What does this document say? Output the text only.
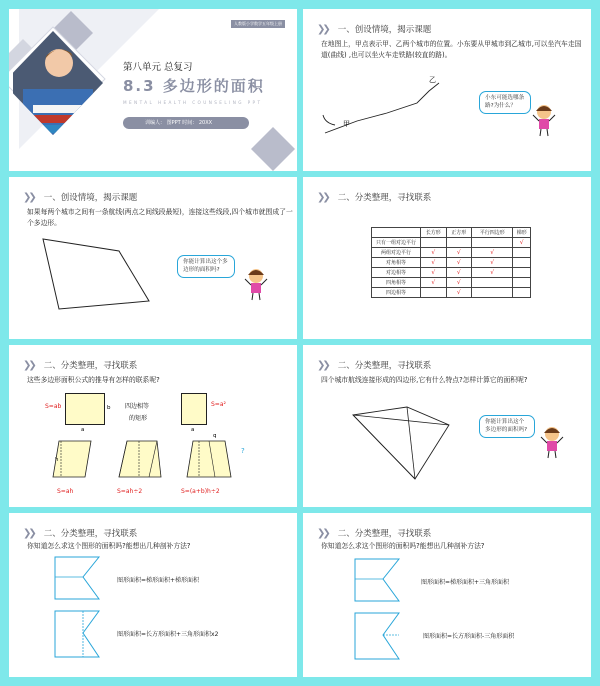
人教版小学数学五年级上册
第八单元 总复习
8.3 多边形的面积
MENTAL HEALTH COUNSELING PPT
训编人： 图PPT 时间： 20XX
❯❯ 一、创设情境，揭示课题
在地图上，甲点表示甲、乙两个城市的位置。小东要从甲城市到乙城市,可以坐汽车走国道(曲线) ,也可以坐火车走铁路(较直的路)。
甲
乙
小东可能选哪条路?为什么？
❯❯ 一、创设情境，揭示课题
如果每两个城市之间有一条航线(两点之间线段最短)，连接这些线段,四个城市就围成了一个多边形。
你能计算出这个多边形的面积吗?
❯❯ 二、分类整理，寻找联系
	长方形	正方形	平行四边形	梯形
只有一组对边平行				√
两组对边平行	√	√	√	
对角相等	√	√	√	
对边相等	√	√	√	
四角相等	√	√		
四边相等		√		
❯❯ 二、分类整理，寻找联系
这些多边形面积公式的推导有怎样的联系呢?
S=ab	b
a
四边相等
的矩形
S=a²
a
h
q
?
S=ah	S=ah÷2	S=(a+b)h÷2
❯❯ 二、分类整理，寻找联系
四个城市航线连接形成的四边形,它有什么特点?怎样计算它的面积呢?
你能计算出这个多边形的面积吗?
❯❯ 二、分类整理，寻找联系
你知道怎么求这个图形的面积吗?能想出几种剖补方法?
图形面积=梯形面积+梯形面积
图形面积=长方形面积+三角形面积x2
❯❯ 二、分类整理，寻找联系
你知道怎么求这个图形的面积吗?能想出几种剖补方法?
图形面积=梯形面积+三角形面积
图形面积=长方形面积-三角形面积
